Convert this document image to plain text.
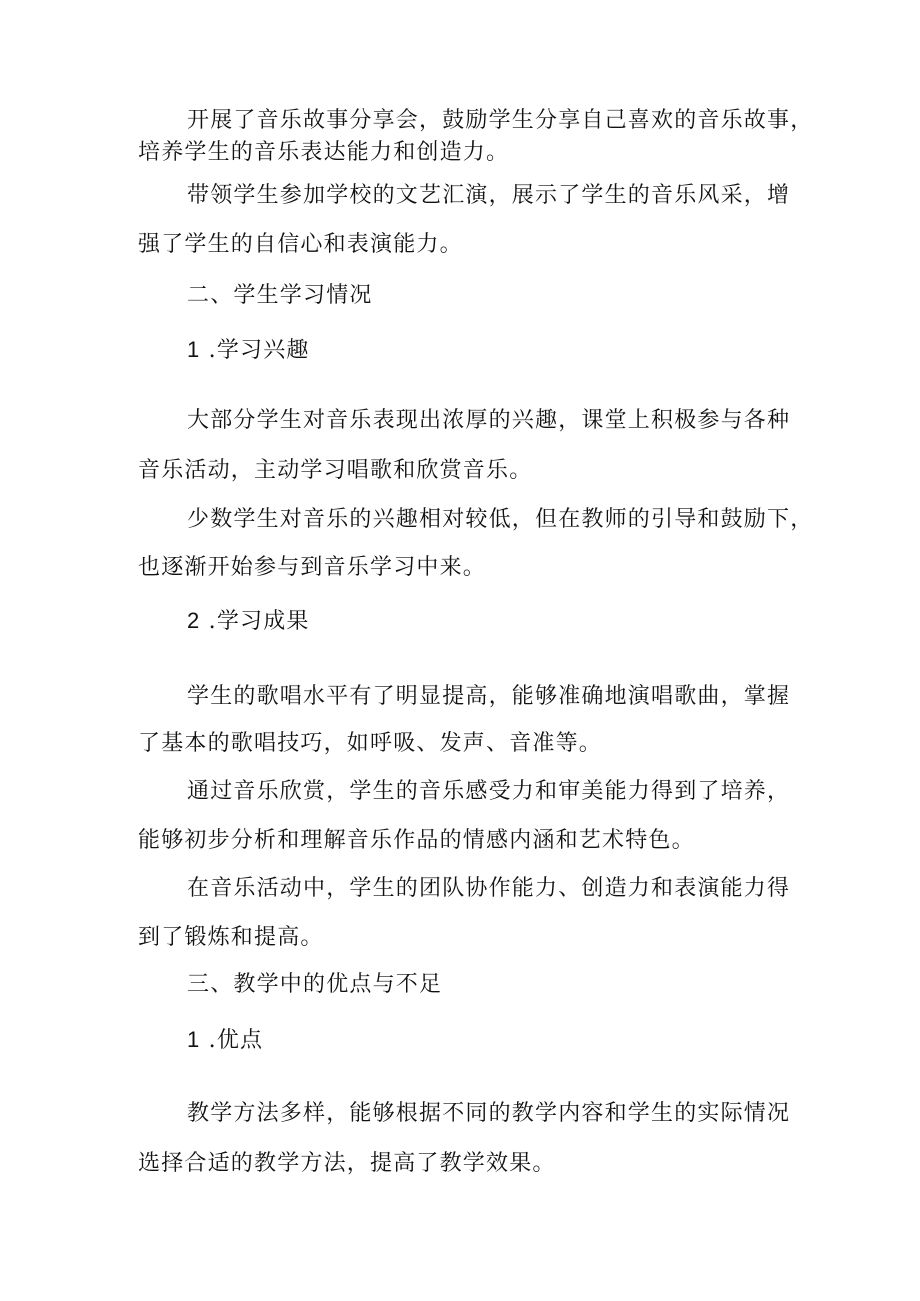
开展了音乐故事分享会，鼓励学生分享自己喜欢的音乐故事，

培养学生的音乐表达能力和创造力。

带领学生参加学校的文艺汇演，展示了学生的音乐风采，增

强了学生的自信心和表演能力。

二、学生学习情况

1 .学习兴趣

大部分学生对音乐表现出浓厚的兴趣，课堂上积极参与各种

音乐活动，主动学习唱歌和欣赏音乐。

少数学生对音乐的兴趣相对较低，但在教师的引导和鼓励下，

也逐渐开始参与到音乐学习中来。

2 .学习成果

学生的歌唱水平有了明显提高，能够准确地演唱歌曲，掌握

了基本的歌唱技巧，如呼吸、发声、音准等。

通过音乐欣赏，学生的音乐感受力和审美能力得到了培养，

能够初步分析和理解音乐作品的情感内涵和艺术特色。

在音乐活动中，学生的团队协作能力、创造力和表演能力得

到了锻炼和提高。

三、教学中的优点与不足

1 .优点

教学方法多样，能够根据不同的教学内容和学生的实际情况

选择合适的教学方法，提高了教学效果。
